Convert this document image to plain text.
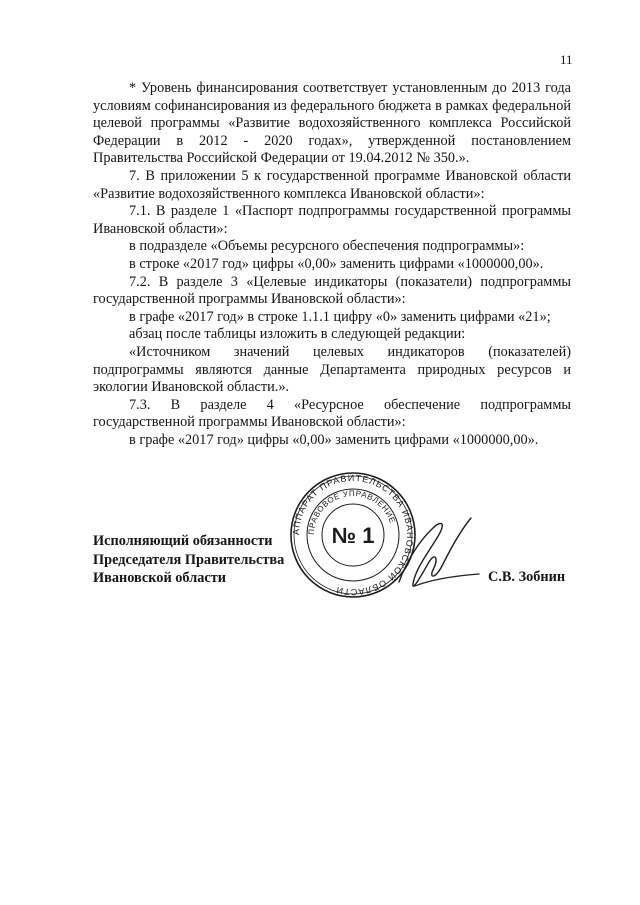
11

* Уровень финансирования соответствует установленным до 2013 года условиям софинансирования из федерального бюджета в рамках федеральной целевой программы «Развитие водохозяйственного комплекса Российской Федерации в 2012 - 2020 годах», утвержденной постановлением Правительства Российской Федерации от 19.04.2012 № 350.».

7. В приложении 5 к государственной программе Ивановской области «Развитие водохозяйственного комплекса Ивановской области»:

7.1. В разделе 1 «Паспорт подпрограммы государственной программы Ивановской области»:

в подразделе «Объемы ресурсного обеспечения подпрограммы»:

в строке «2017 год» цифры «0,00» заменить цифрами «1000000,00».

7.2. В разделе 3 «Целевые индикаторы (показатели) подпрограммы государственной программы Ивановской области»:

в графе «2017 год» в строке 1.1.1 цифру «0» заменить цифрами «21»;

абзац после таблицы изложить в следующей редакции:

«Источником значений целевых индикаторов (показателей) подпрограммы являются данные Департамента природных ресурсов и экологии Ивановской области.».

7.3. В разделе 4 «Ресурсное обеспечение подпрограммы государственной программы Ивановской области»:

в графе «2017 год» цифры «0,00» заменить цифрами «1000000,00».

Исполняющий обязанности
Председателя Правительства
Ивановской области
АППАРАТ ПРАВИТЕЛЬСТВА ИВАНОВСКОЙ ОБЛАСТИ
ПРАВОВОЕ УПРАВЛЕНИЕ
№ 1
С.В. Зобнин
